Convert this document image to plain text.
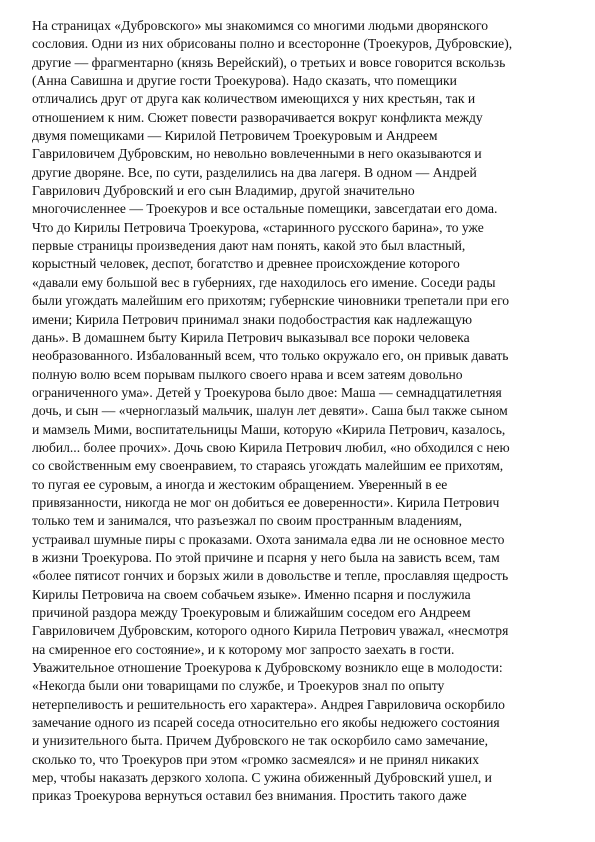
На страницах «Дубровского» мы знакомимся со многими людьми дворянского
сословия. Одни из них обрисованы полно и всесторонне (Троекуров, Дубровские),
другие — фрагментарно (князь Верейский), о третьих и вовсе говорится вскользь
(Анна Савишна и другие гости Троекурова). Надо сказать, что помещики
отличались друг от друга как количеством имеющихся у них крестьян, так и
отношением к ним. Сюжет повести разворачивается вокруг конфликта между
двумя помещиками — Кирилой Петровичем Троекуровым и Андреем
Гавриловичем Дубровским, но невольно вовлеченными в него оказываются и
другие дворяне. Все, по сути, разделились на два лагеря. В одном — Андрей
Гаврилович Дубровский и его сын Владимир, другой значительно
многочисленнее — Троекуров и все остальные помещики, завсегдатаи его дома.
Что до Кирилы Петровича Троекурова, «старинного русского барина», то уже
первые страницы произведения дают нам понять, какой это был властный,
корыстный человек, деспот, богатство и древнее происхождение которого
«давали ему большой вес в губерниях, где находилось его имение. Соседи рады
были угождать малейшим его прихотям; губернские чиновники трепетали при его
имени; Кирила Петрович принимал знаки подобострастия как надлежащую
дань». В домашнем быту Кирила Петрович выказывал все пороки человека
необразованного. Избалованный всем, что только окружало его, он привык давать
полную волю всем порывам пылкого своего нрава и всем затеям довольно
ограниченного ума». Детей у Троекурова было двое: Маша — семнадцатилетняя
дочь, и сын — «черноглазый мальчик, шалун лет девяти». Саша был также сыном
и мамзель Мими, воспитательницы Маши, которую «Кирила Петрович, казалось,
любил... более прочих». Дочь свою Кирила Петрович любил, «но обходился с нею
со свойственным ему своенравием, то стараясь угождать малейшим ее прихотям,
то пугая ее суровым, а иногда и жестоким обращением. Уверенный в ее
привязанности, никогда не мог он добиться ее доверенности». Кирила Петрович
только тем и занимался, что разъезжал по своим пространным владениям,
устраивал шумные пиры с проказами. Охота занимала едва ли не основное место
в жизни Троекурова. По этой причине и псарня у него была на зависть всем, там
«более пятисот гончих и борзых жили в довольстве и тепле, прославляя щедрость
Кирилы Петровича на своем собачьем языке». Именно псарня и послужила
причиной раздора между Троекуровым и ближайшим соседом его Андреем
Гавриловичем Дубровским, которого одного Кирила Петрович уважал, «несмотря
на смиренное его состояние», и к которому мог запросто заехать в гости.
Уважительное отношение Троекурова к Дубровскому возникло еще в молодости:
«Некогда были они товарищами по службе, и Троекуров знал по опыту
нетерпеливость и решительность его характера». Андрея Гавриловича оскорбило
замечание одного из псарей соседа относительно его якобы недюжего состояния
и унизительного быта. Причем Дубровского не так оскорбило само замечание,
сколько то, что Троекуров при этом «громко засмеялся» и не принял никаких
мер, чтобы наказать дерзкого холопа. С ужина обиженный Дубровский ушел, и
приказ Троекурова вернуться оставил без внимания. Простить такого даже
